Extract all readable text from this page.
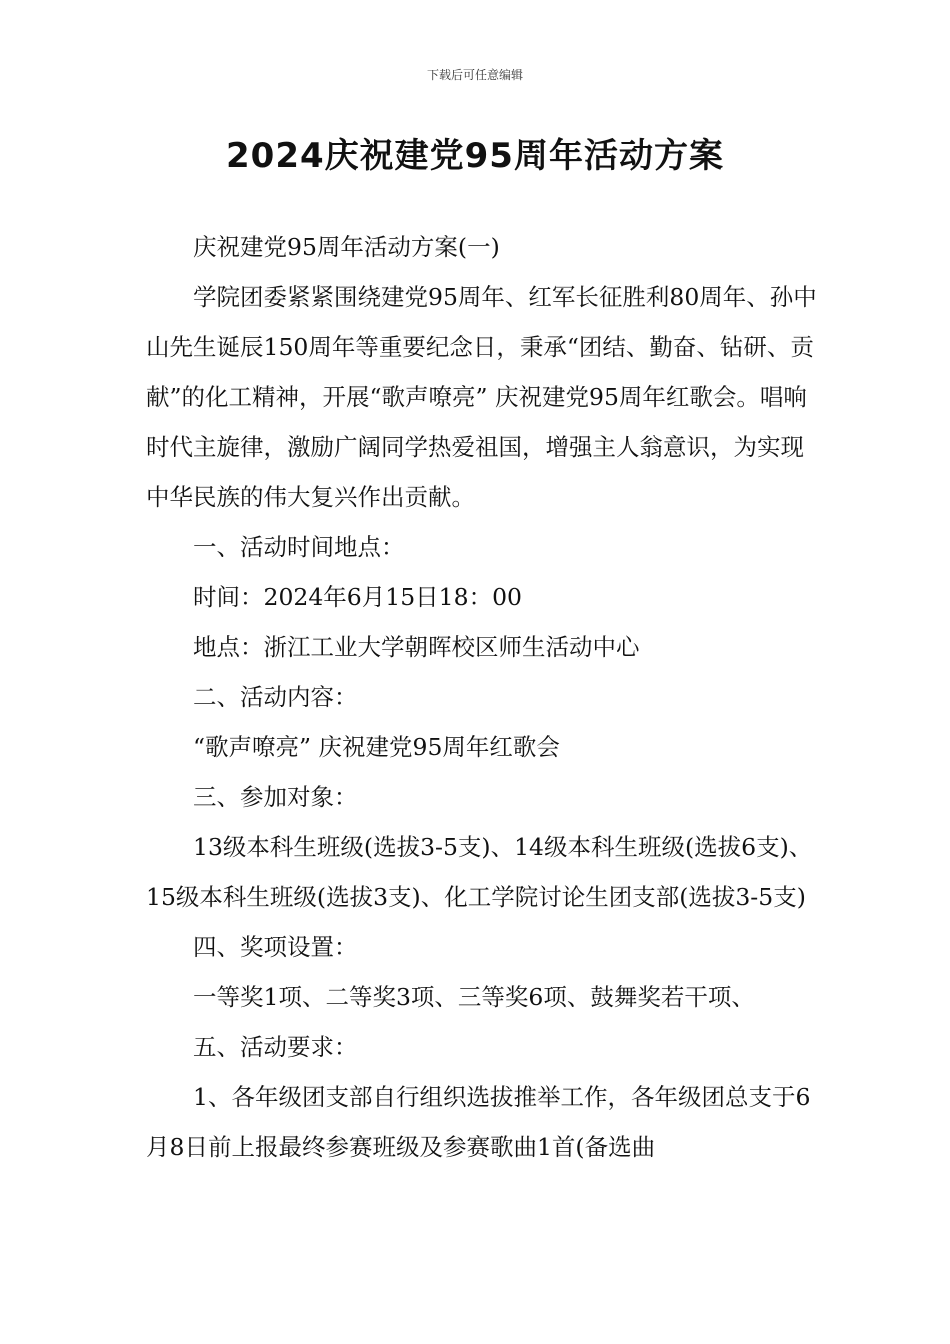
下载后可任意编辑
2024庆祝建党95周年活动方案

庆祝建党95周年活动方案(一)

学院团委紧紧围绕建党95周年、红军长征胜利80周年、孙中山先生诞辰150周年等重要纪念日，秉承“团结、勤奋、钻研、贡献”的化工精神，开展“歌声嘹亮” 庆祝建党95周年红歌会。唱响时代主旋律，激励广阔同学热爱祖国，增强主人翁意识，为实现中华民族的伟大复兴作出贡献。

一、活动时间地点：

时间：2024年6月15日18：00

地点：浙江工业大学朝晖校区师生活动中心

二、活动内容：

“歌声嘹亮” 庆祝建党95周年红歌会

三、参加对象：

13级本科生班级(选拔3-5支)、14级本科生班级(选拔6支)、15级本科生班级(选拔3支)、化工学院讨论生团支部(选拔3-5支)

四、奖项设置：

一等奖1项、二等奖3项、三等奖6项、鼓舞奖若干项、

五、活动要求：

1、各年级团支部自行组织选拔推举工作，各年级团总支于6月8日前上报最终参赛班级及参赛歌曲1首(备选曲
